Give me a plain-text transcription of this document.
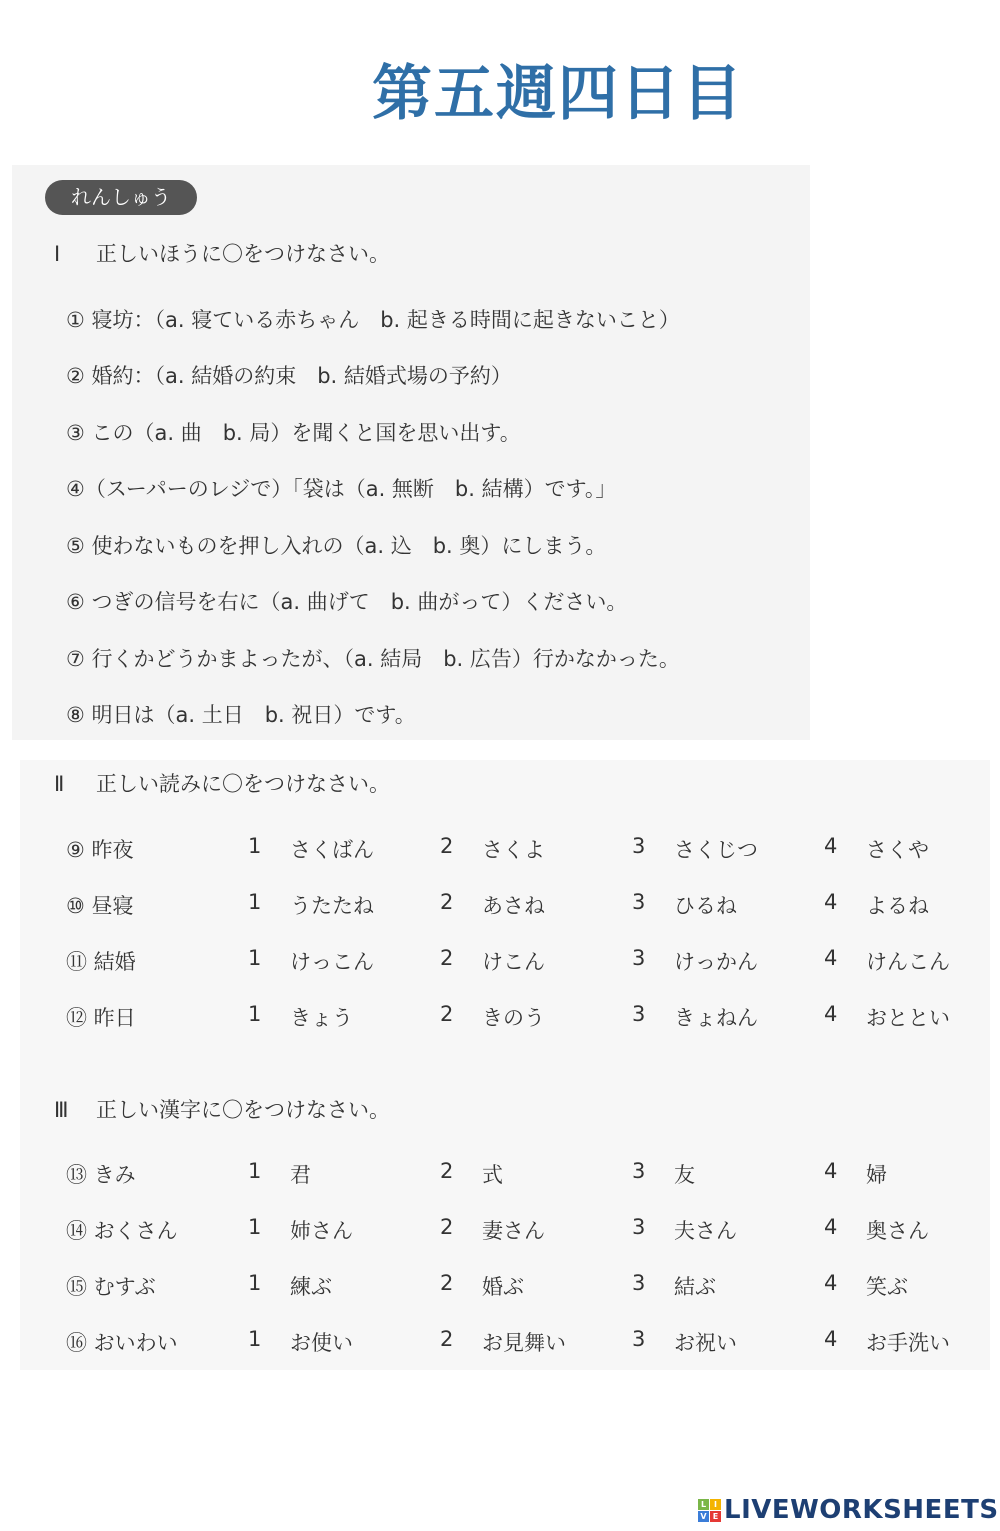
第五週四日目
れんしゅう
I 正しいほうに〇をつけなさい。
① 寝坊：（a. 寝ている赤ちゃん　b. 起きる時間に起きないこと）
② 婚約：（a. 結婚の約束　b. 結婚式場の予約）
③ この（a. 曲　b. 局）を聞くと国を思い出す。
④（スーパーのレジで）「袋は（a. 無断　b. 結構）です。」
⑤ 使わないものを押し入れの（a. 込　b. 奥）にしまう。
⑥ つぎの信号を右に（a. 曲げて　b. 曲がって）ください。
⑦ 行くかどうかまよったが、（a. 結局　b. 広告）行かなかった。
⑧ 明日は（a. 土日　b. 祝日）です。
Ⅱ 正しい読みに〇をつけなさい。
⑨ 昨夜	1 さくばん	2 さくよ	3 さくじつ	4 さくや
⑩ 昼寝	1 うたたね	2 あさね	3 ひるね	4 よるね
⑪ 結婚	1 けっこん	2 けこん	3 けっかん	4 けんこん
⑫ 昨日	1 きょう	2 きのう	3 きょねん	4 おととい
Ⅲ 正しい漢字に〇をつけなさい。
⑬ きみ	1 君	2 式	3 友	4 婦
⑭ おくさん	1 姉さん	2 妻さん	3 夫さん	4 奥さん
⑮ むすぶ	1 練ぶ	2 婚ぶ	3 結ぶ	4 笑ぶ
⑯ おいわい	1 お使い	2 お見舞い	3 お祝い	4 お手洗い
L I
V E LIVEWORKSHEETS
